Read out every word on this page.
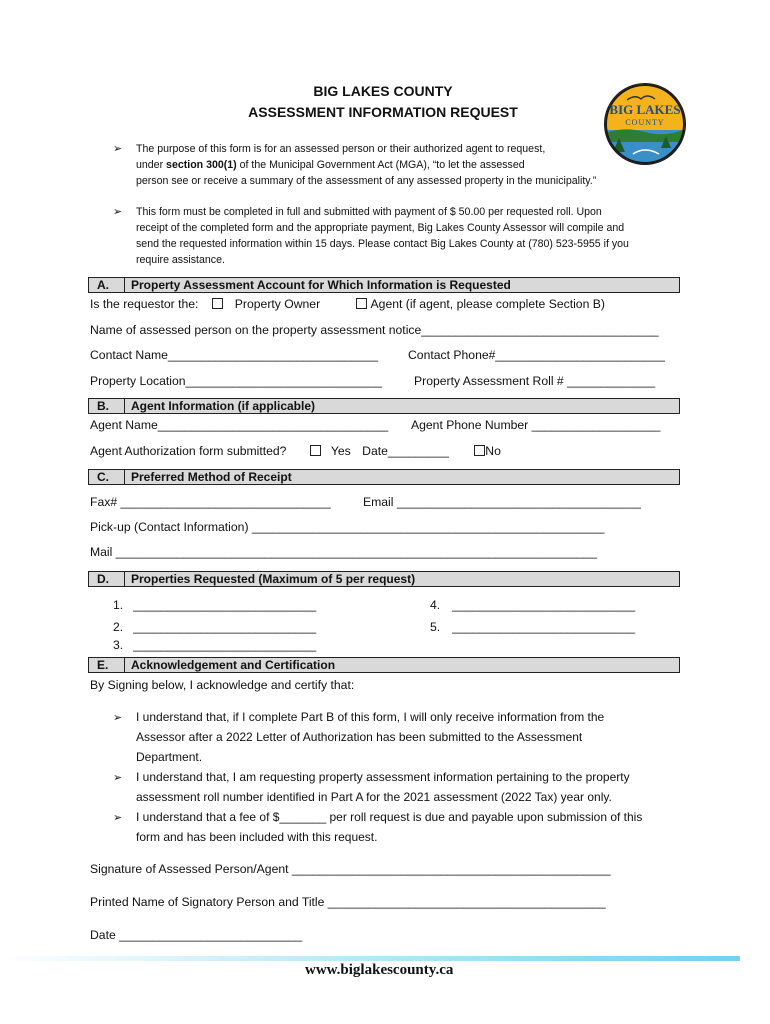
BIG LAKES COUNTY
ASSESSMENT INFORMATION REQUEST	BIG LAKES
COUNTY
➢ The purpose of this form is for an assessed person or their authorized agent to request,
under section 300(1) of the Municipal Government Act (MGA), “to let the assessed
person see or receive a summary of the assessment of any assessed property in the municipality.”
➢ This form must be completed in full and submitted with payment of $ 50.00 per requested roll. Upon
receipt of the completed form and the appropriate payment, Big Lakes County Assessor will compile and
send the requested information within 15 days. Please contact Big Lakes County at (780) 523-5955 if you
require assistance.
A.	Property Assessment Account for Which Information is Requested
Is the requestor the:	Property Owner	Agent (if agent, please complete Section B)
Name of assessed person on the property assessment notice___________________________________
Contact Name_______________________________ Contact Phone#_________________________
Property Location_____________________________	Property Assessment Roll # _____________
B.	Agent Information (if applicable)
Agent Name__________________________________ Agent Phone Number ___________________
Agent Authorization form submitted?	Yes Date_________	No
C.	Preferred Method of Receipt
Fax# _______________________________	Email ____________________________________
Pick-up (Contact Information) ____________________________________________________
Mail _______________________________________________________________________
D.	Properties Requested (Maximum of 5 per request)
1. ___________________________
2. ___________________________
3. ___________________________
4. ___________________________
5. ___________________________
E.	Acknowledgement and Certification
By Signing below, I acknowledge and certify that:
➢ I understand that, if I complete Part B of this form, I will only receive information from the
Assessor after a 2022 Letter of Authorization has been submitted to the Assessment
Department.
➢ I understand that, I am requesting property assessment information pertaining to the property
assessment roll number identified in Part A for the 2021 assessment (2022 Tax) year only.
➢ I understand that a fee of $_______ per roll request is due and payable upon submission of this
form and has been included with this request.
Signature of Assessed Person/Agent _______________________________________________
Printed Name of Signatory Person and Title _________________________________________
Date ___________________________
www.biglakescounty.ca
